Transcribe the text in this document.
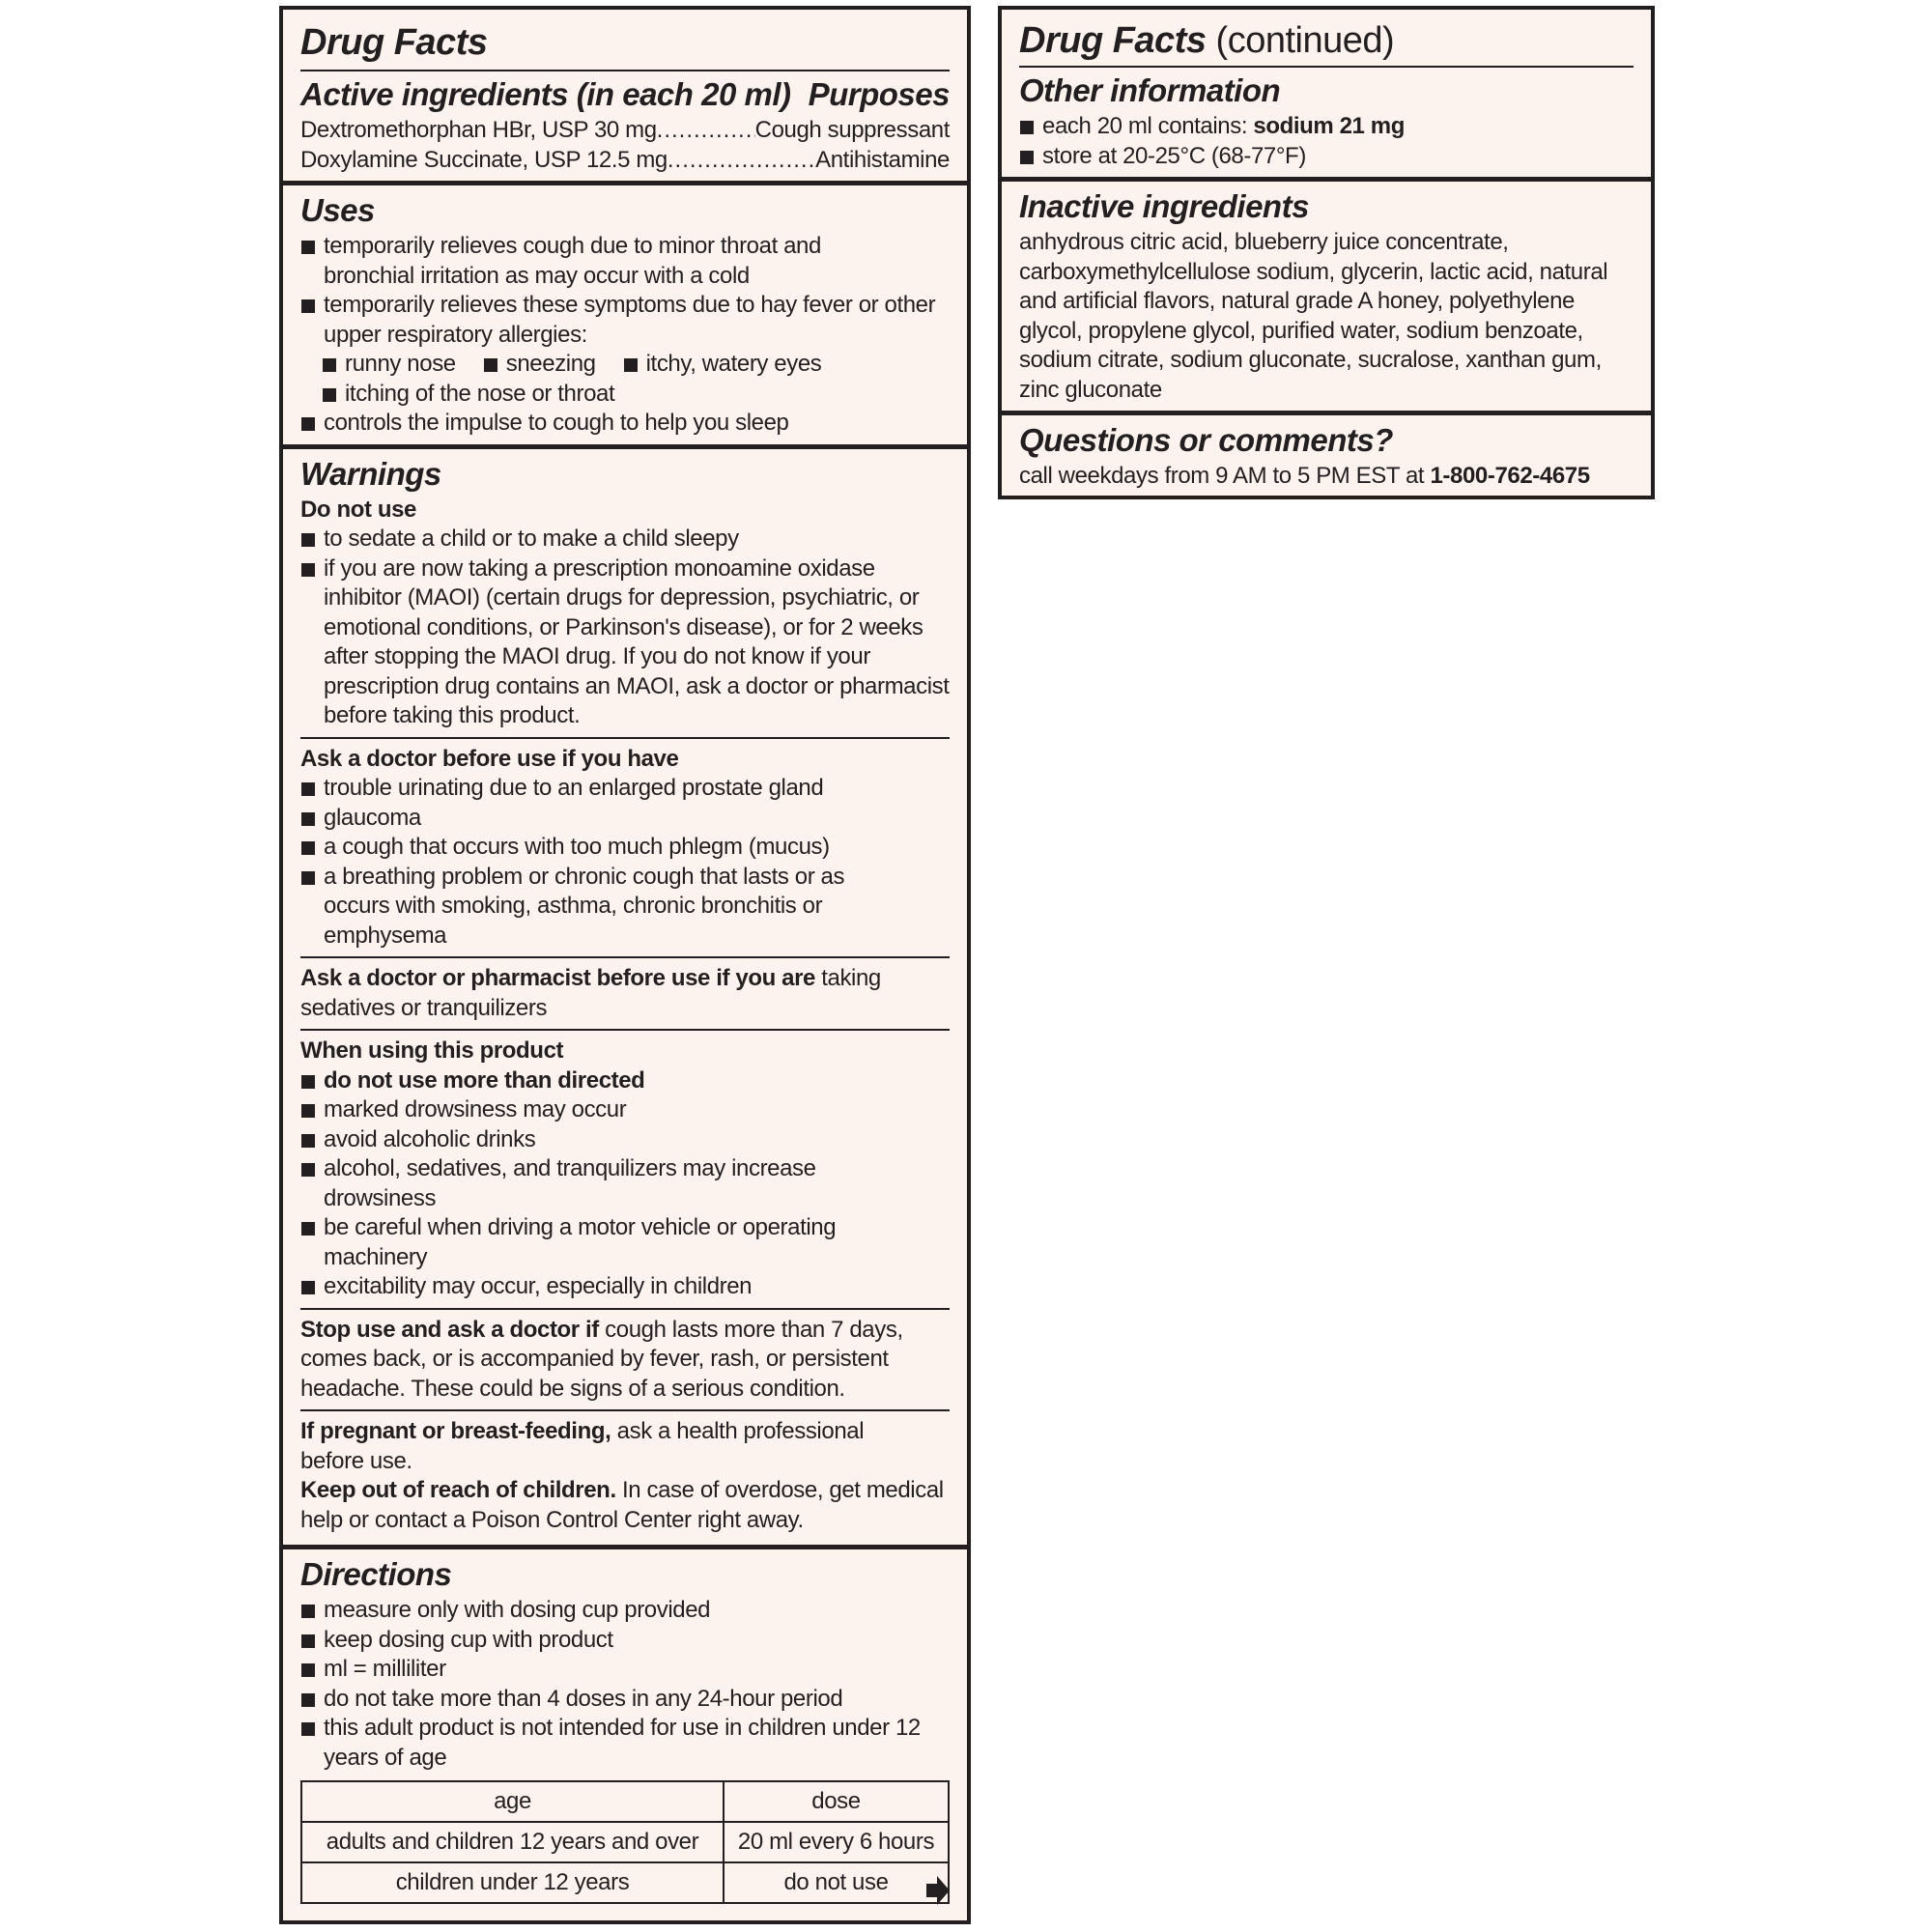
Drug Facts
Active ingredients (in each 20 ml) Purposes
Dextromethorphan HBr, USP 30 mg .....	Cough suppressant
Doxylamine Succinate, USP 12.5 mg .....	Antihistamine
Uses
temporarily relieves cough due to minor throat and bronchial irritation as may occur with a cold
temporarily relieves these symptoms due to hay fever or other upper respiratory allergies:
runny nose	sneezing	itchy, watery eyes
itching of the nose or throat
controls the impulse to cough to help you sleep
Warnings
Do not use
to sedate a child or to make a child sleepy
if you are now taking a prescription monoamine oxidase inhibitor (MAOI) (certain drugs for depression, psychiatric, or emotional conditions, or Parkinson's disease), or for 2 weeks after stopping the MAOI drug. If you do not know if your prescription drug contains an MAOI, ask a doctor or pharmacist before taking this product.
Ask a doctor before use if you have
trouble urinating due to an enlarged prostate gland
glaucoma
a cough that occurs with too much phlegm (mucus)
a breathing problem or chronic cough that lasts or as occurs with smoking, asthma, chronic bronchitis or emphysema
Ask a doctor or pharmacist before use if you are taking sedatives or tranquilizers
When using this product
do not use more than directed
marked drowsiness may occur
avoid alcoholic drinks
alcohol, sedatives, and tranquilizers may increase drowsiness
be careful when driving a motor vehicle or operating machinery
excitability may occur, especially in children
Stop use and ask a doctor if cough lasts more than 7 days, comes back, or is accompanied by fever, rash, or persistent headache. These could be signs of a serious condition.
If pregnant or breast-feeding, ask a health professional before use.
Keep out of reach of children. In case of overdose, get medical help or contact a Poison Control Center right away.
Directions
measure only with dosing cup provided
keep dosing cup with product
ml = milliliter
do not take more than 4 doses in any 24-hour period
this adult product is not intended for use in children under 12 years of age
age	dose
adults and children 12 years and over	20 ml every 6 hours
children under 12 years	do not use
Drug Facts (continued)
Other information
each 20 ml contains: sodium 21 mg
store at 20-25°C (68-77°F)
Inactive ingredients
anhydrous citric acid, blueberry juice concentrate, carboxymethylcellulose sodium, glycerin, lactic acid, natural and artificial flavors, natural grade A honey, polyethylene glycol, propylene glycol, purified water, sodium benzoate, sodium citrate, sodium gluconate, sucralose, xanthan gum, zinc gluconate
Questions or comments?
call weekdays from 9 AM to 5 PM EST at 1-800-762-4675
